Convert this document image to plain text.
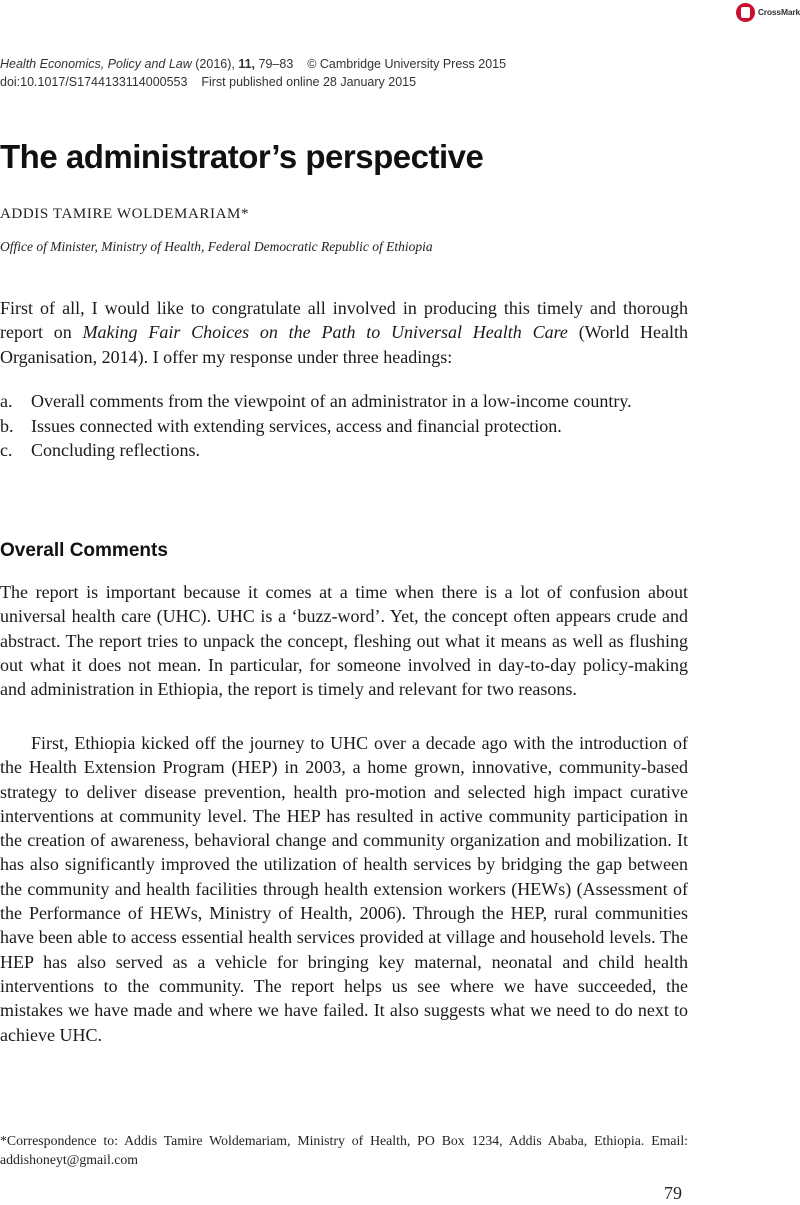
CrossMark
Health Economics, Policy and Law (2016), 11, 79–83 © Cambridge University Press 2015
doi:10.1017/S1744133114000553 First published online 28 January 2015
The administrator’s perspective
ADDIS TAMIRE WOLDEMARIAM*
Office of Minister, Ministry of Health, Federal Democratic Republic of Ethiopia

First of all, I would like to congratulate all involved in producing this timely and thorough report on Making Fair Choices on the Path to Universal Health Care (World Health Organisation, 2014). I offer my response under three headings:

a. Overall comments from the viewpoint of an administrator in a low-income country.
b. Issues connected with extending services, access and financial protection.
c. Concluding reflections.
Overall Comments

The report is important because it comes at a time when there is a lot of confusion about universal health care (UHC). UHC is a ‘buzz-word’. Yet, the concept often appears crude and abstract. The report tries to unpack the concept, fleshing out what it means as well as flushing out what it does not mean. In particular, for someone involved in day-to-day policy-making and administration in Ethiopia, the report is timely and relevant for two reasons.

First, Ethiopia kicked off the journey to UHC over a decade ago with the introduction of the Health Extension Program (HEP) in 2003, a home grown, innovative, community-based strategy to deliver disease prevention, health pro-motion and selected high impact curative interventions at community level. The HEP has resulted in active community participation in the creation of awareness, behavioral change and community organization and mobilization. It has also significantly improved the utilization of health services by bridging the gap between the community and health facilities through health extension workers (HEWs) (Assessment of the Performance of HEWs, Ministry of Health, 2006). Through the HEP, rural communities have been able to access essential health services provided at village and household levels. The HEP has also served as a vehicle for bringing key maternal, neonatal and child health interventions to the community. The report helps us see where we have succeeded, the mistakes we have made and where we have failed. It also suggests what we need to do next to achieve UHC.

*Correspondence to: Addis Tamire Woldemariam, Ministry of Health, PO Box 1234, Addis Ababa, Ethiopia. Email: addishoneyt@gmail.com

79
